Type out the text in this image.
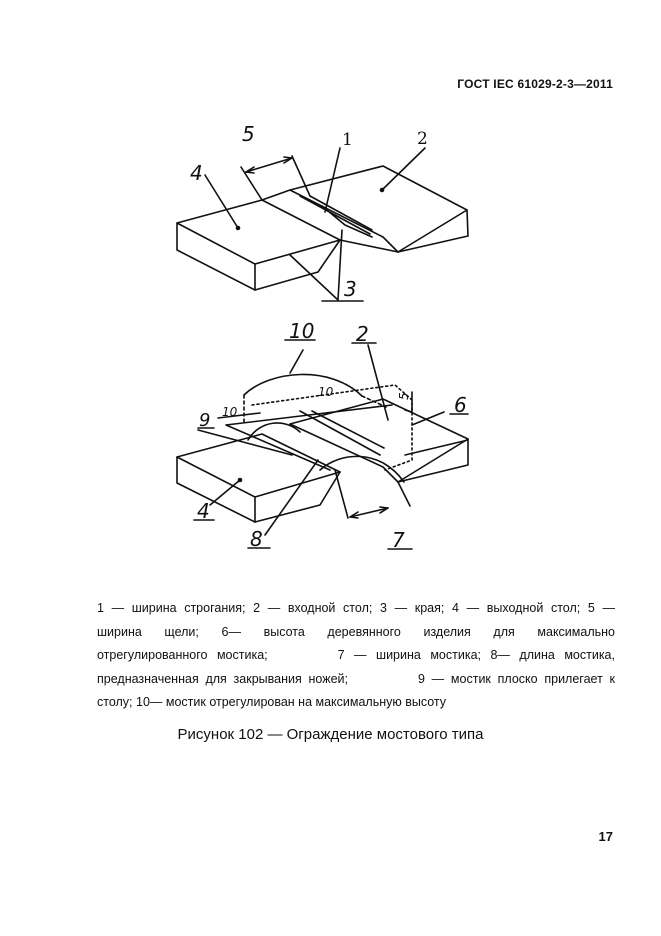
ГОСТ IEC 61029-2-3—2011
5	1	2
4
3
10 2
10	5 6
10
9
4
8	7

1 — ширина строгания; 2 — входной стол; 3 — края; 4 — выходной стол; 5 —

ширина щели; 6— высота деревянного изделия для максимально

отрегулированного мостика;	7 — ширина мостика; 8— длина мостика,

предназначенная для закрывания ножей;	9 — мостик плоско прилегает к

столу; 10— мостик отрегулирован на максимальную высоту

Рисунок 102 — Ограждение мостового типа
17
